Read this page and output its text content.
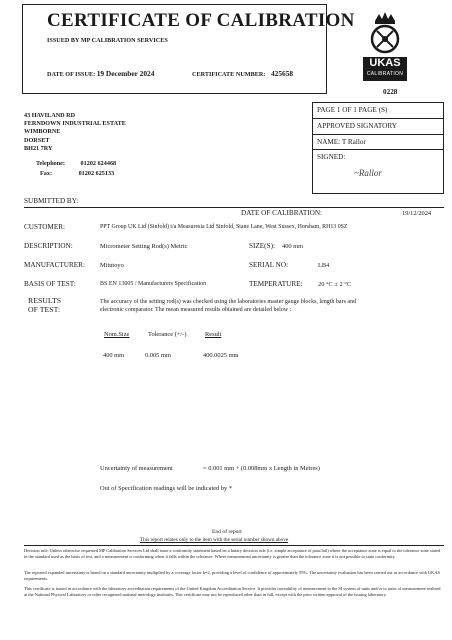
CERTIFICATE OF CALIBRATION
ISSUED BY MP CALIBRATION SERVICES
DATE OF ISSUE: 19 December 2024	CERTIFICATE NUMBER: 425658
UKAS
CALIBRATION
0228
43 HAVILAND RD
FERNDOWN INDUSTRIAL ESTATE
WIMBORNE
DORSET
BH21 7RY
Telephone:	01202 624468
Fax:	01202 625133
PAGE 1 OF 1 PAGE (S)
APPROVED SIGNATORY
NAME: T Rallor
SIGNED:
~Rallor
SUBMITTED BY:
DATE OF CALIBRATION:	19/12/2024
CUSTOMER:	PPT Group UK Ltd (Sinfold) t/a Measuresia Ltd Sinfold, Stane Lane, West Sussex, Horsham, RH13 0SZ
DESCRIPTION:	Micrometer Setting Rod(s) Metric	SIZE(S): 400 mm
MANUFACTURER: Mitutoyo	SERIAL NO:	LB4
BASIS OF TEST:	BS EN 13005 / Manufacturers Specification	TEMPERATURE: 20 °C ± 2 °C
RESULTS
OF TEST:
The accuracy of the setting rod(s) was checked using the laboratories master gauge blocks, length bars and
electronic comparator. The mean measured results obtained are detailed below :
Nom.Size	Tolerance (+/-)	Result
400 mm	0.005 mm	400.0025 mm
Uncertainty of measurement	= 0.001 mm + (0.008mm x Length in Metres)
Out of Specification readings will be indicated by *
End of report
This report relates only to the item with the serial number shown above
Decision rule: Unless otherwise requested MP Calibration Services Ltd shall issue a conformity statement based on a binary decision rule (i.e. simple acceptance of pass/fail) where the acceptance zone is equal to the tolerance zone stated in the standard used as the basis of test, and a measurement is conforming when it falls within the tolerance. Where measurement uncertainty is greater than the tolerance zone it is not possible to state conformity.
The reported expanded uncertainty is based on a standard uncertainty multiplied by a coverage factor k=2, providing a level of confidence of approximately 95%. The uncertainty evaluation has been carried out in accordance with UKAS requirements.
This certificate is issued in accordance with the laboratory accreditation requirements of the United Kingdom Accreditation Service. It provides traceability of measurement to the SI system of units and/or to units of measurement realised at the National Physical Laboratory or other recognised national metrology institutes. This certificate may not be reproduced other than in full, except with the prior written approval of the issuing laboratory.
